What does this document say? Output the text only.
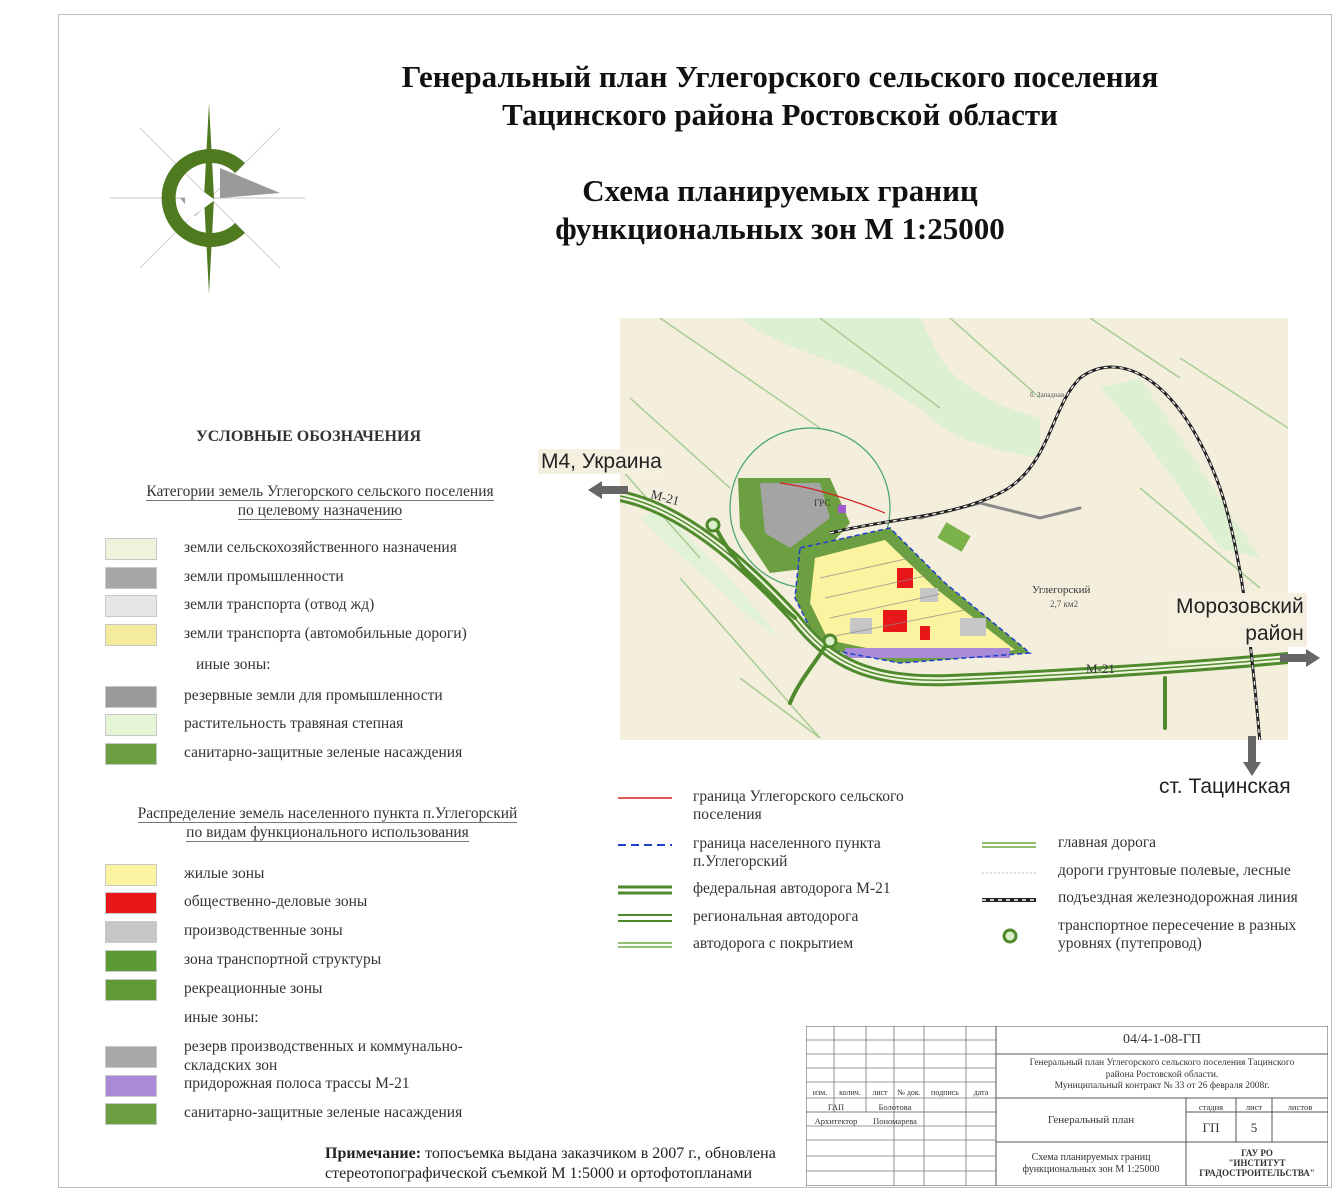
Генеральный план Углегорского сельского поселения
Тацинского района Ростовской области
Схема планируемых границ
функциональных зон М 1:25000
УСЛОВНЫЕ ОБОЗНАЧЕНИЯ
Категории земель Углегорского сельского поселения
по целевому назначению
земли сельскохозяйственного назначения
земли промышленности
земли транспорта (отвод жд)
земли транспорта (автомобильные дороги)
иные зоны:
резервные земли для промышленности
растительность травяная степная
санитарно-защитные зеленые насаждения
Распределение земель населенного пункта п.Углегорский
по видам функционального использования
жилые зоны
общественно-деловые зоны
производственные зоны
зона транспортной структуры
рекреационные зоны
иные зоны:
резерв производственных и коммунально-
складских зон
придорожная полоса трассы М-21
санитарно-защитные зеленые насаждения
граница Углегорского сельского
поселения
граница населенного пункта
п.Углегорский
федеральная автодорога М-21
региональная автодорога
автодорога с покрытием
главная дорога
дороги грунтовые полевые, лесные
подъездная железнодорожная линия
транспортное пересечение в разных
уровнях (путепровод)
М-21
М-21
Углегорский
2,7 км2
ГРС
б. Западная
М4, Украина
Морозовский
район
ст. Тацинская
Примечание: топосъемка выдана заказчиком в 2007 г., обновлена
стереотопографической съемкой М 1:5000 и ортофотопланами
04/4-1-08-ГП
Генеральный план Углегорского сельского поселения Тацинского
района Ростовской области.
Муниципальный контракт № 33 от 26 февраля 2008г.
изм.	колич.	лист	№ док.	подпись	дата
ГАП	Болотова
Архитектор	Пономарева	Генеральный план
стадия	лист	листов
ГП	5
Схема планируемых границ
функциональных зон М 1:25000
ГАУ РО
"ИНСТИТУТ
ГРАДОСТРОИТЕЛЬСТВА"
